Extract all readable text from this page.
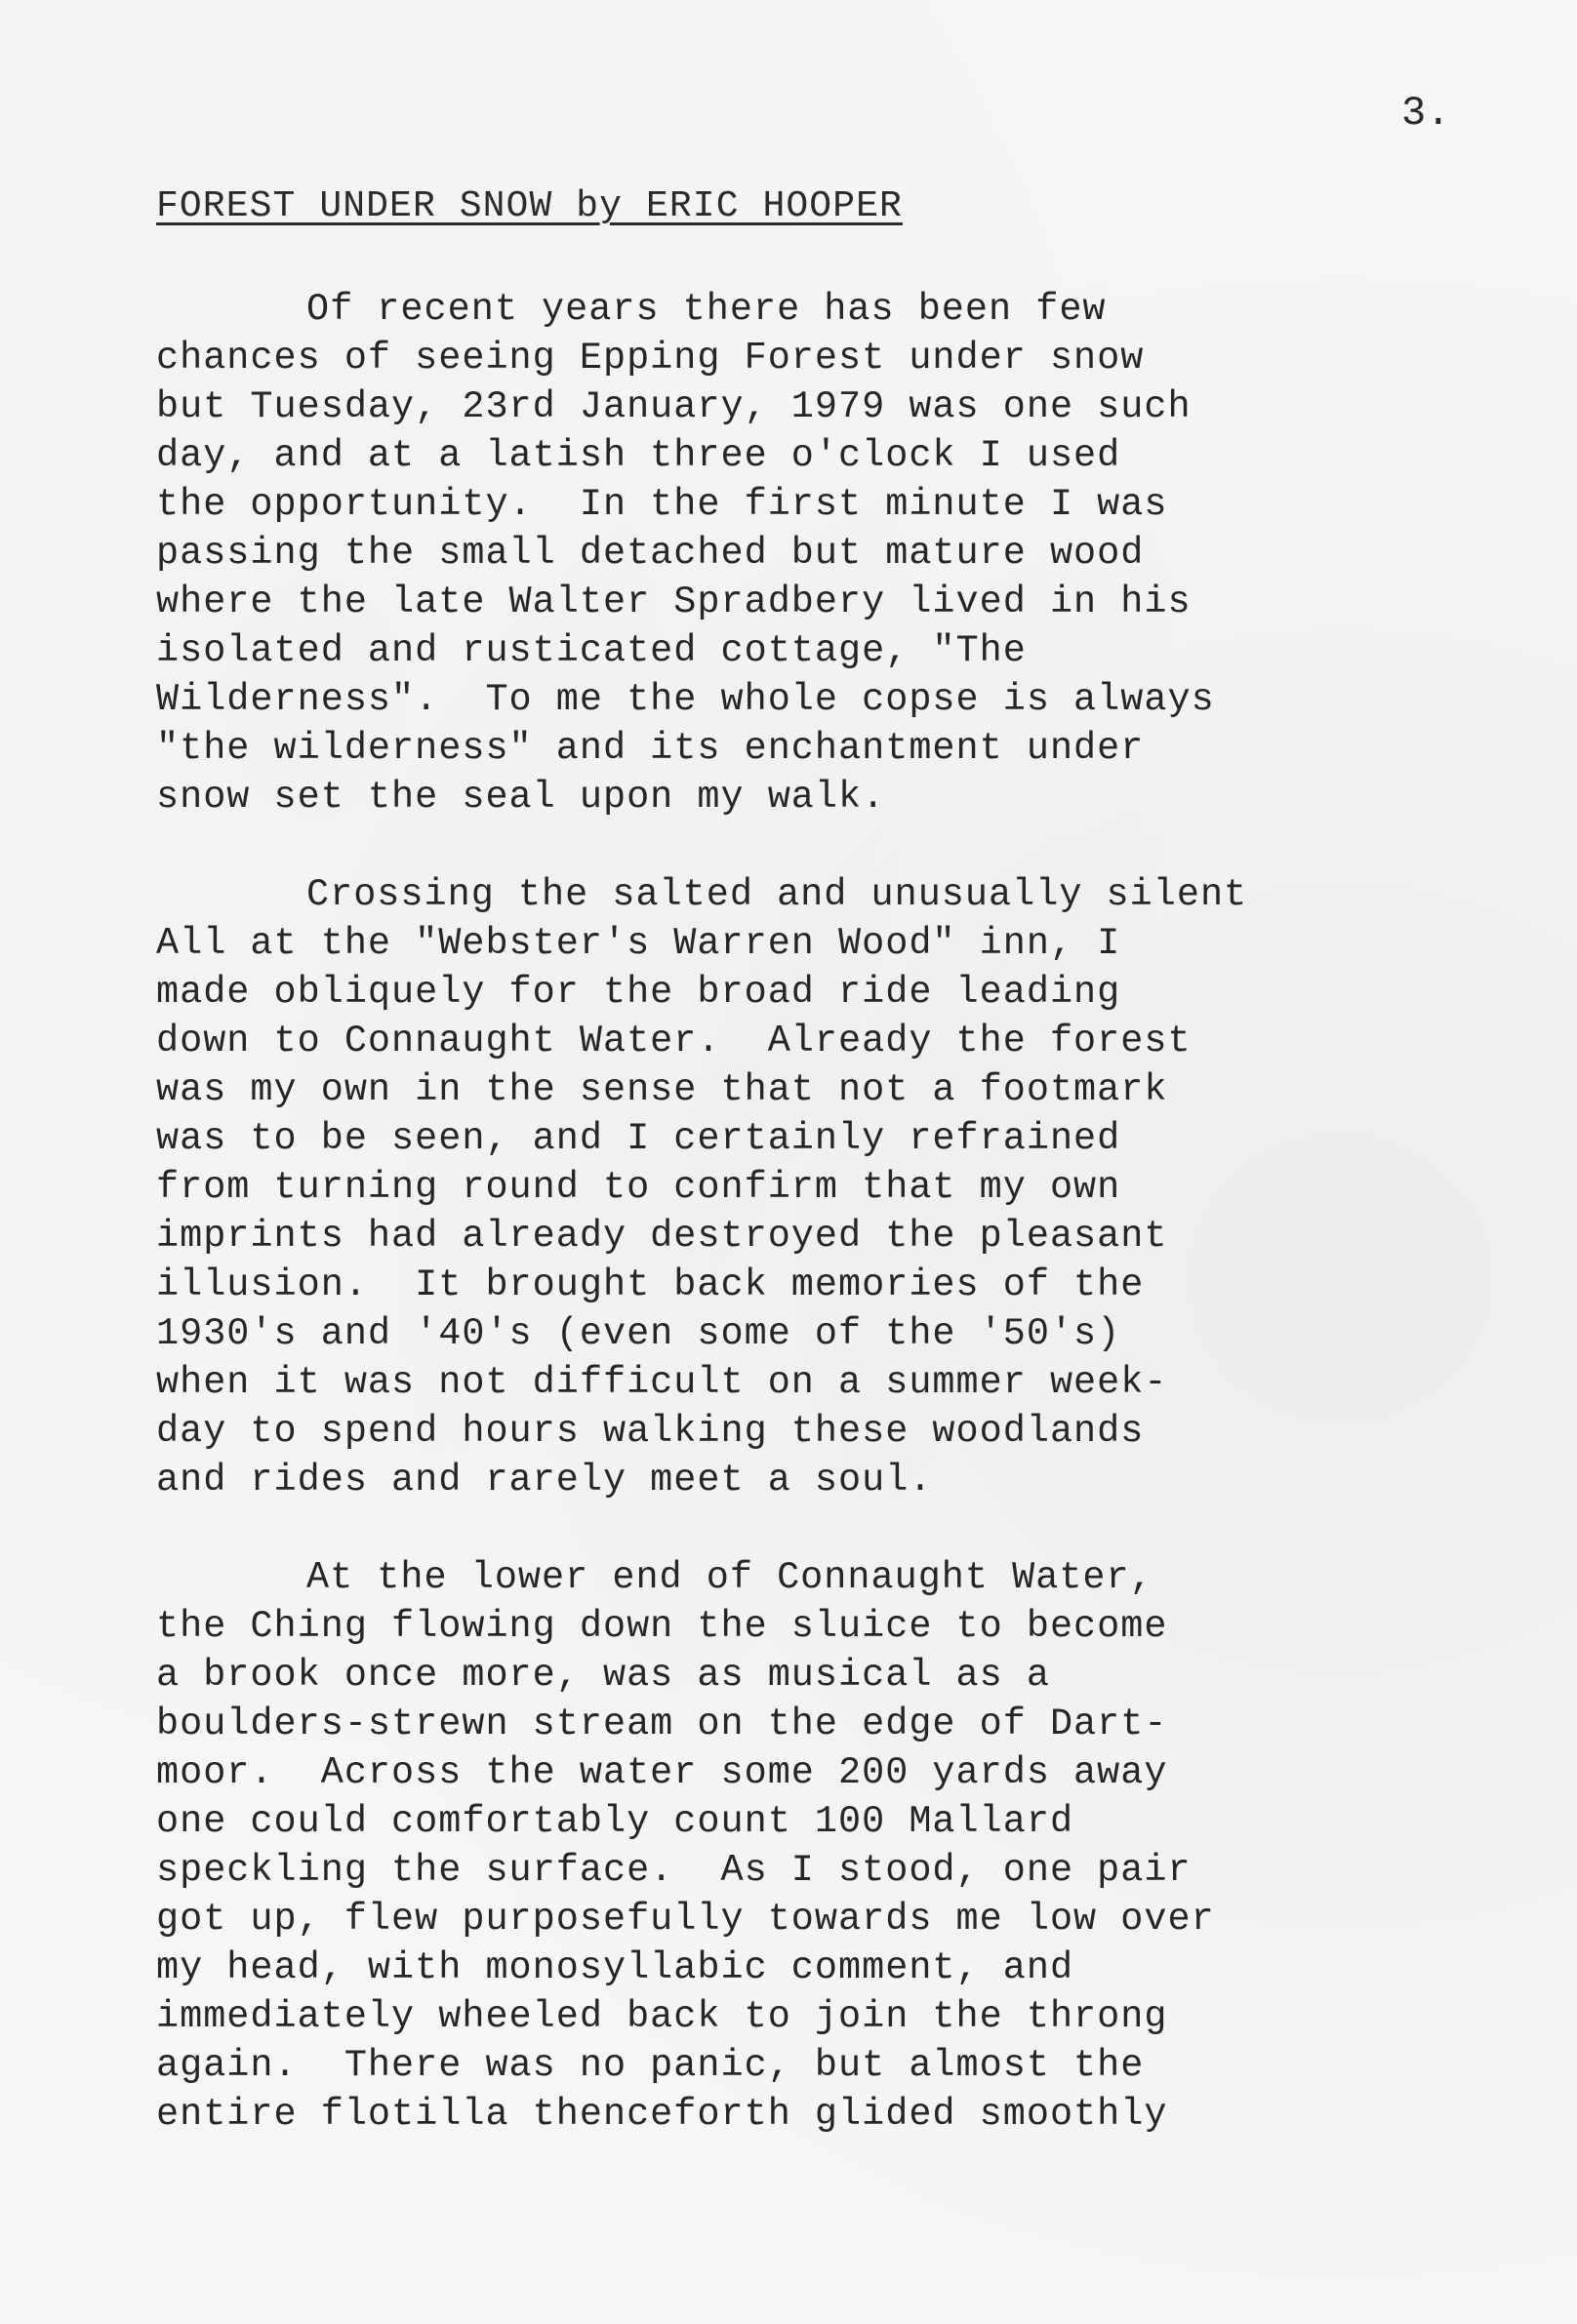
3.
FOREST UNDER SNOW by ERIC HOOPER
Of recent years there has been few
chances of seeing Epping Forest under snow
but Tuesday, 23rd January, 1979 was one such
day, and at a latish three o'clock I used
the opportunity.  In the first minute I was
passing the small detached but mature wood
where the late Walter Spradbery lived in his
isolated and rusticated cottage, "The
Wilderness".  To me the whole copse is always
"the wilderness" and its enchantment under
snow set the seal upon my walk.
Crossing the salted and unusually silent
All at the "Webster's Warren Wood" inn, I
made obliquely for the broad ride leading
down to Connaught Water.  Already the forest
was my own in the sense that not a footmark
was to be seen, and I certainly refrained
from turning round to confirm that my own
imprints had already destroyed the pleasant
illusion.  It brought back memories of the
1930's and '40's (even some of the '50's)
when it was not difficult on a summer week-
day to spend hours walking these woodlands
and rides and rarely meet a soul.
At the lower end of Connaught Water,
the Ching flowing down the sluice to become
a brook once more, was as musical as a
boulders-strewn stream on the edge of Dart-
moor.  Across the water some 200 yards away
one could comfortably count 100 Mallard
speckling the surface.  As I stood, one pair
got up, flew purposefully towards me low over
my head, with monosyllabic comment, and
immediately wheeled back to join the throng
again.  There was no panic, but almost the
entire flotilla thenceforth glided smoothly
